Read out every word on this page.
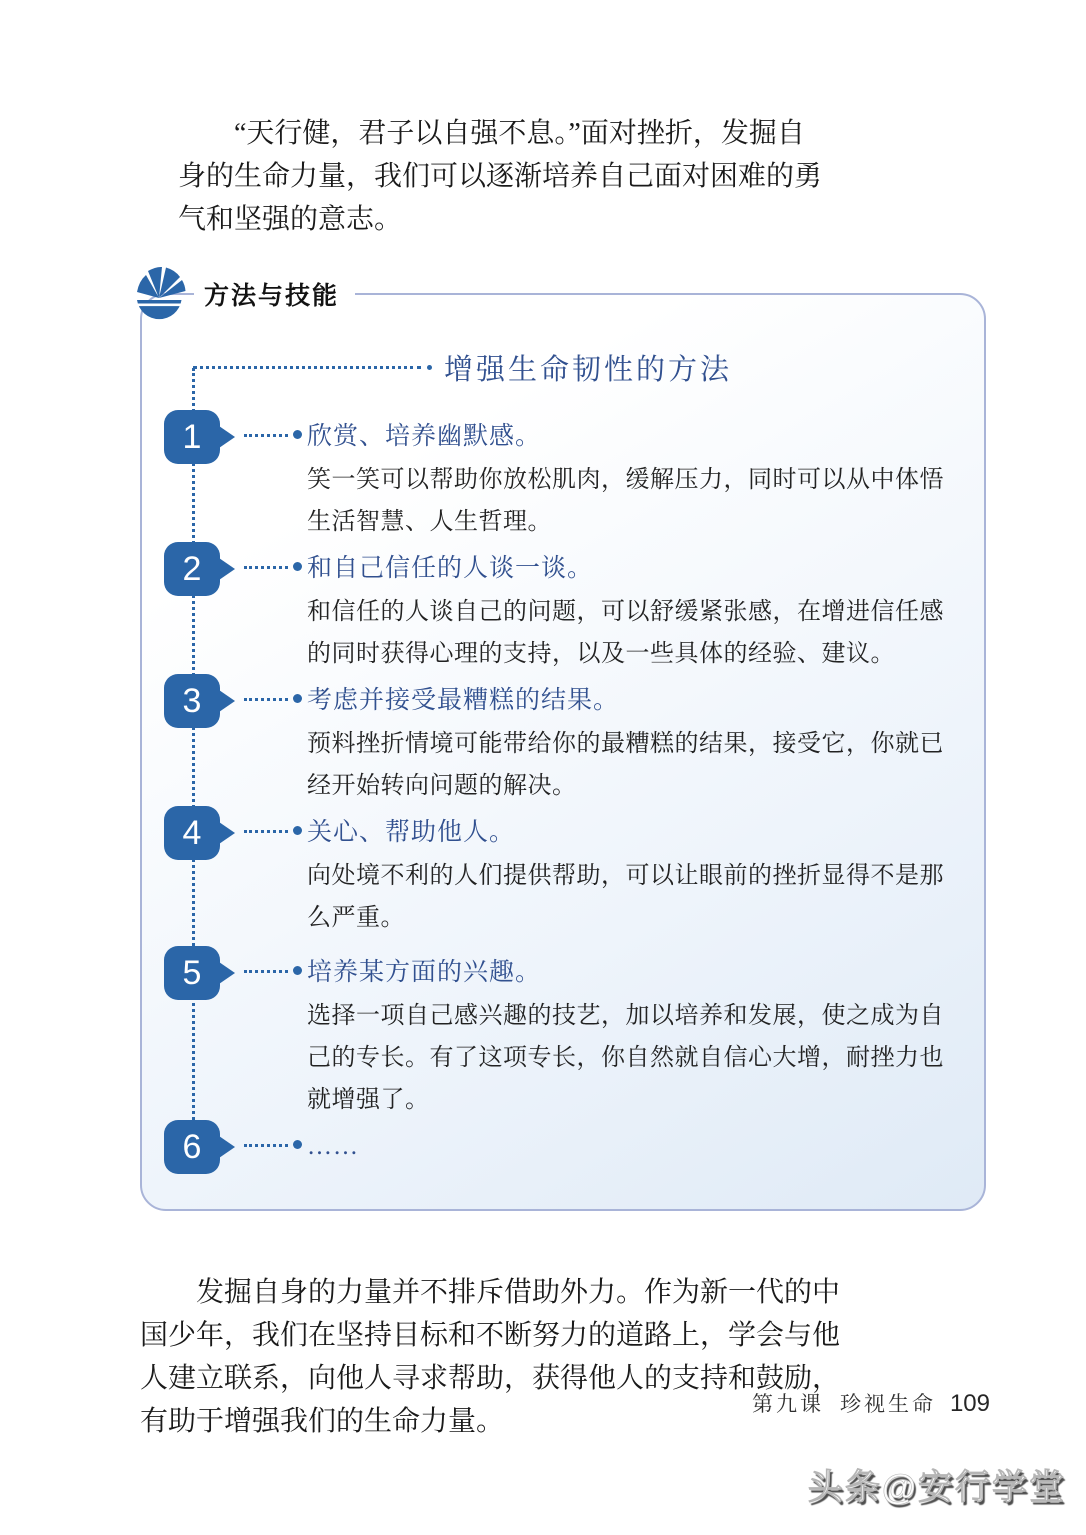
“天行健，君子以自强不息。”面对挫折，发掘自身的生命力量，我们可以逐渐培养自己面对困难的勇气和坚强的意志。

方法与技能
增强生命韧性的方法
1	欣赏、培养幽默感。
笑一笑可以帮助你放松肌肉，缓解压力，同时可以从中体悟生活智慧、人生哲理。
2	和自己信任的人谈一谈。
和信任的人谈自己的问题，可以舒缓紧张感，在增进信任感的同时获得心理的支持，以及一些具体的经验、建议。
3	考虑并接受最糟糕的结果。
预料挫折情境可能带给你的最糟糕的结果，接受它，你就已经开始转向问题的解决。
4	关心、帮助他人。
向处境不利的人们提供帮助，可以让眼前的挫折显得不是那么严重。
5	培养某方面的兴趣。
选择一项自己感兴趣的技艺，加以培养和发展，使之成为自己的专长。有了这项专长，你自然就自信心大增，耐挫力也就增强了。
6	……

发掘自身的力量并不排斥借助外力。作为新一代的中国少年，我们在坚持目标和不断努力的道路上，学会与他人建立联系，向他人寻求帮助，获得他人的支持和鼓励，有助于增强我们的生命力量。

第九课 珍视生命 109
头条@安行学堂
